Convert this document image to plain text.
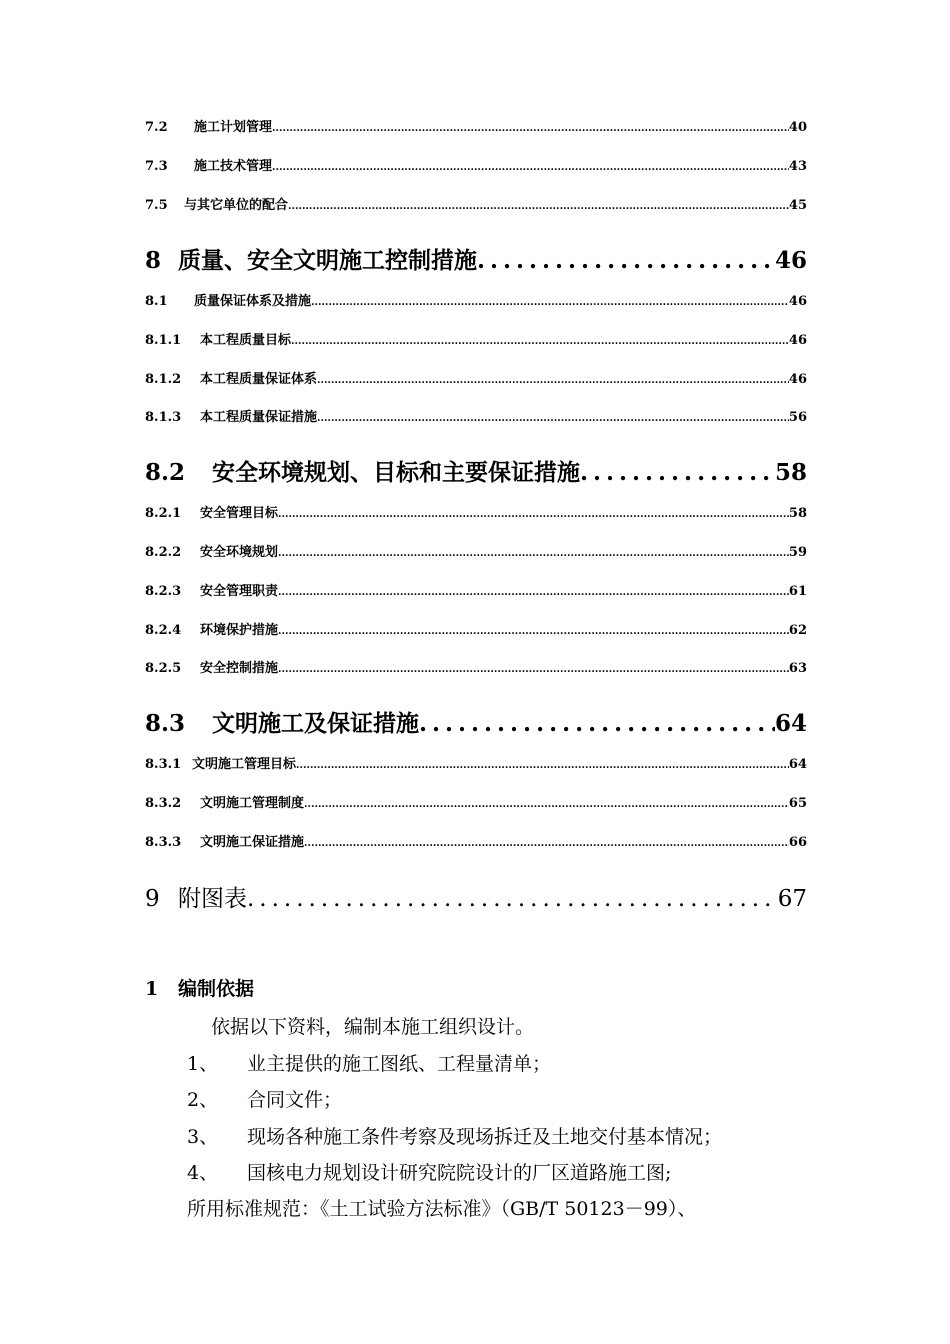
7.2	施工计划管理 .....	40
7.3	施工技术管理 .....	43
7.5	与其它单位的配合 .....	45
8 质量、安全文明施工控制措施 .....	46
8.1	质量保证体系及措施 .....	46
8.1.1	本工程质量目标 .....	46
8.1.2	本工程质量保证体系 .....	46
8.1.3	本工程质量保证措施 .....	56
8.2	安全环境规划、目标和主要保证措施 .....	58
8.2.1	安全管理目标 .....	58
8.2.2	安全环境规划 .....	59
8.2.3	安全管理职责 .....	61
8.2.4	环境保护措施 .....	62
8.2.5	安全控制措施 .....	63
8.3	文明施工及保证措施 .....	64
8.3.1 文明施工管理目标 .....	64
8.3.2	文明施工管理制度 .....	65
8.3.3	文明施工保证措施 .....	66
9 附图表 .....	67
1 编制依据
依据以下资料，编制本施工组织设计。
1、 业主提供的施工图纸、工程量清单；
2、 合同文件；
3、 现场各种施工条件考察及现场拆迁及土地交付基本情况；
4、 国核电力规划设计研究院院设计的厂区道路施工图;
所用标准规范：《土工试验方法标准》（GB/T 50123－99）、
